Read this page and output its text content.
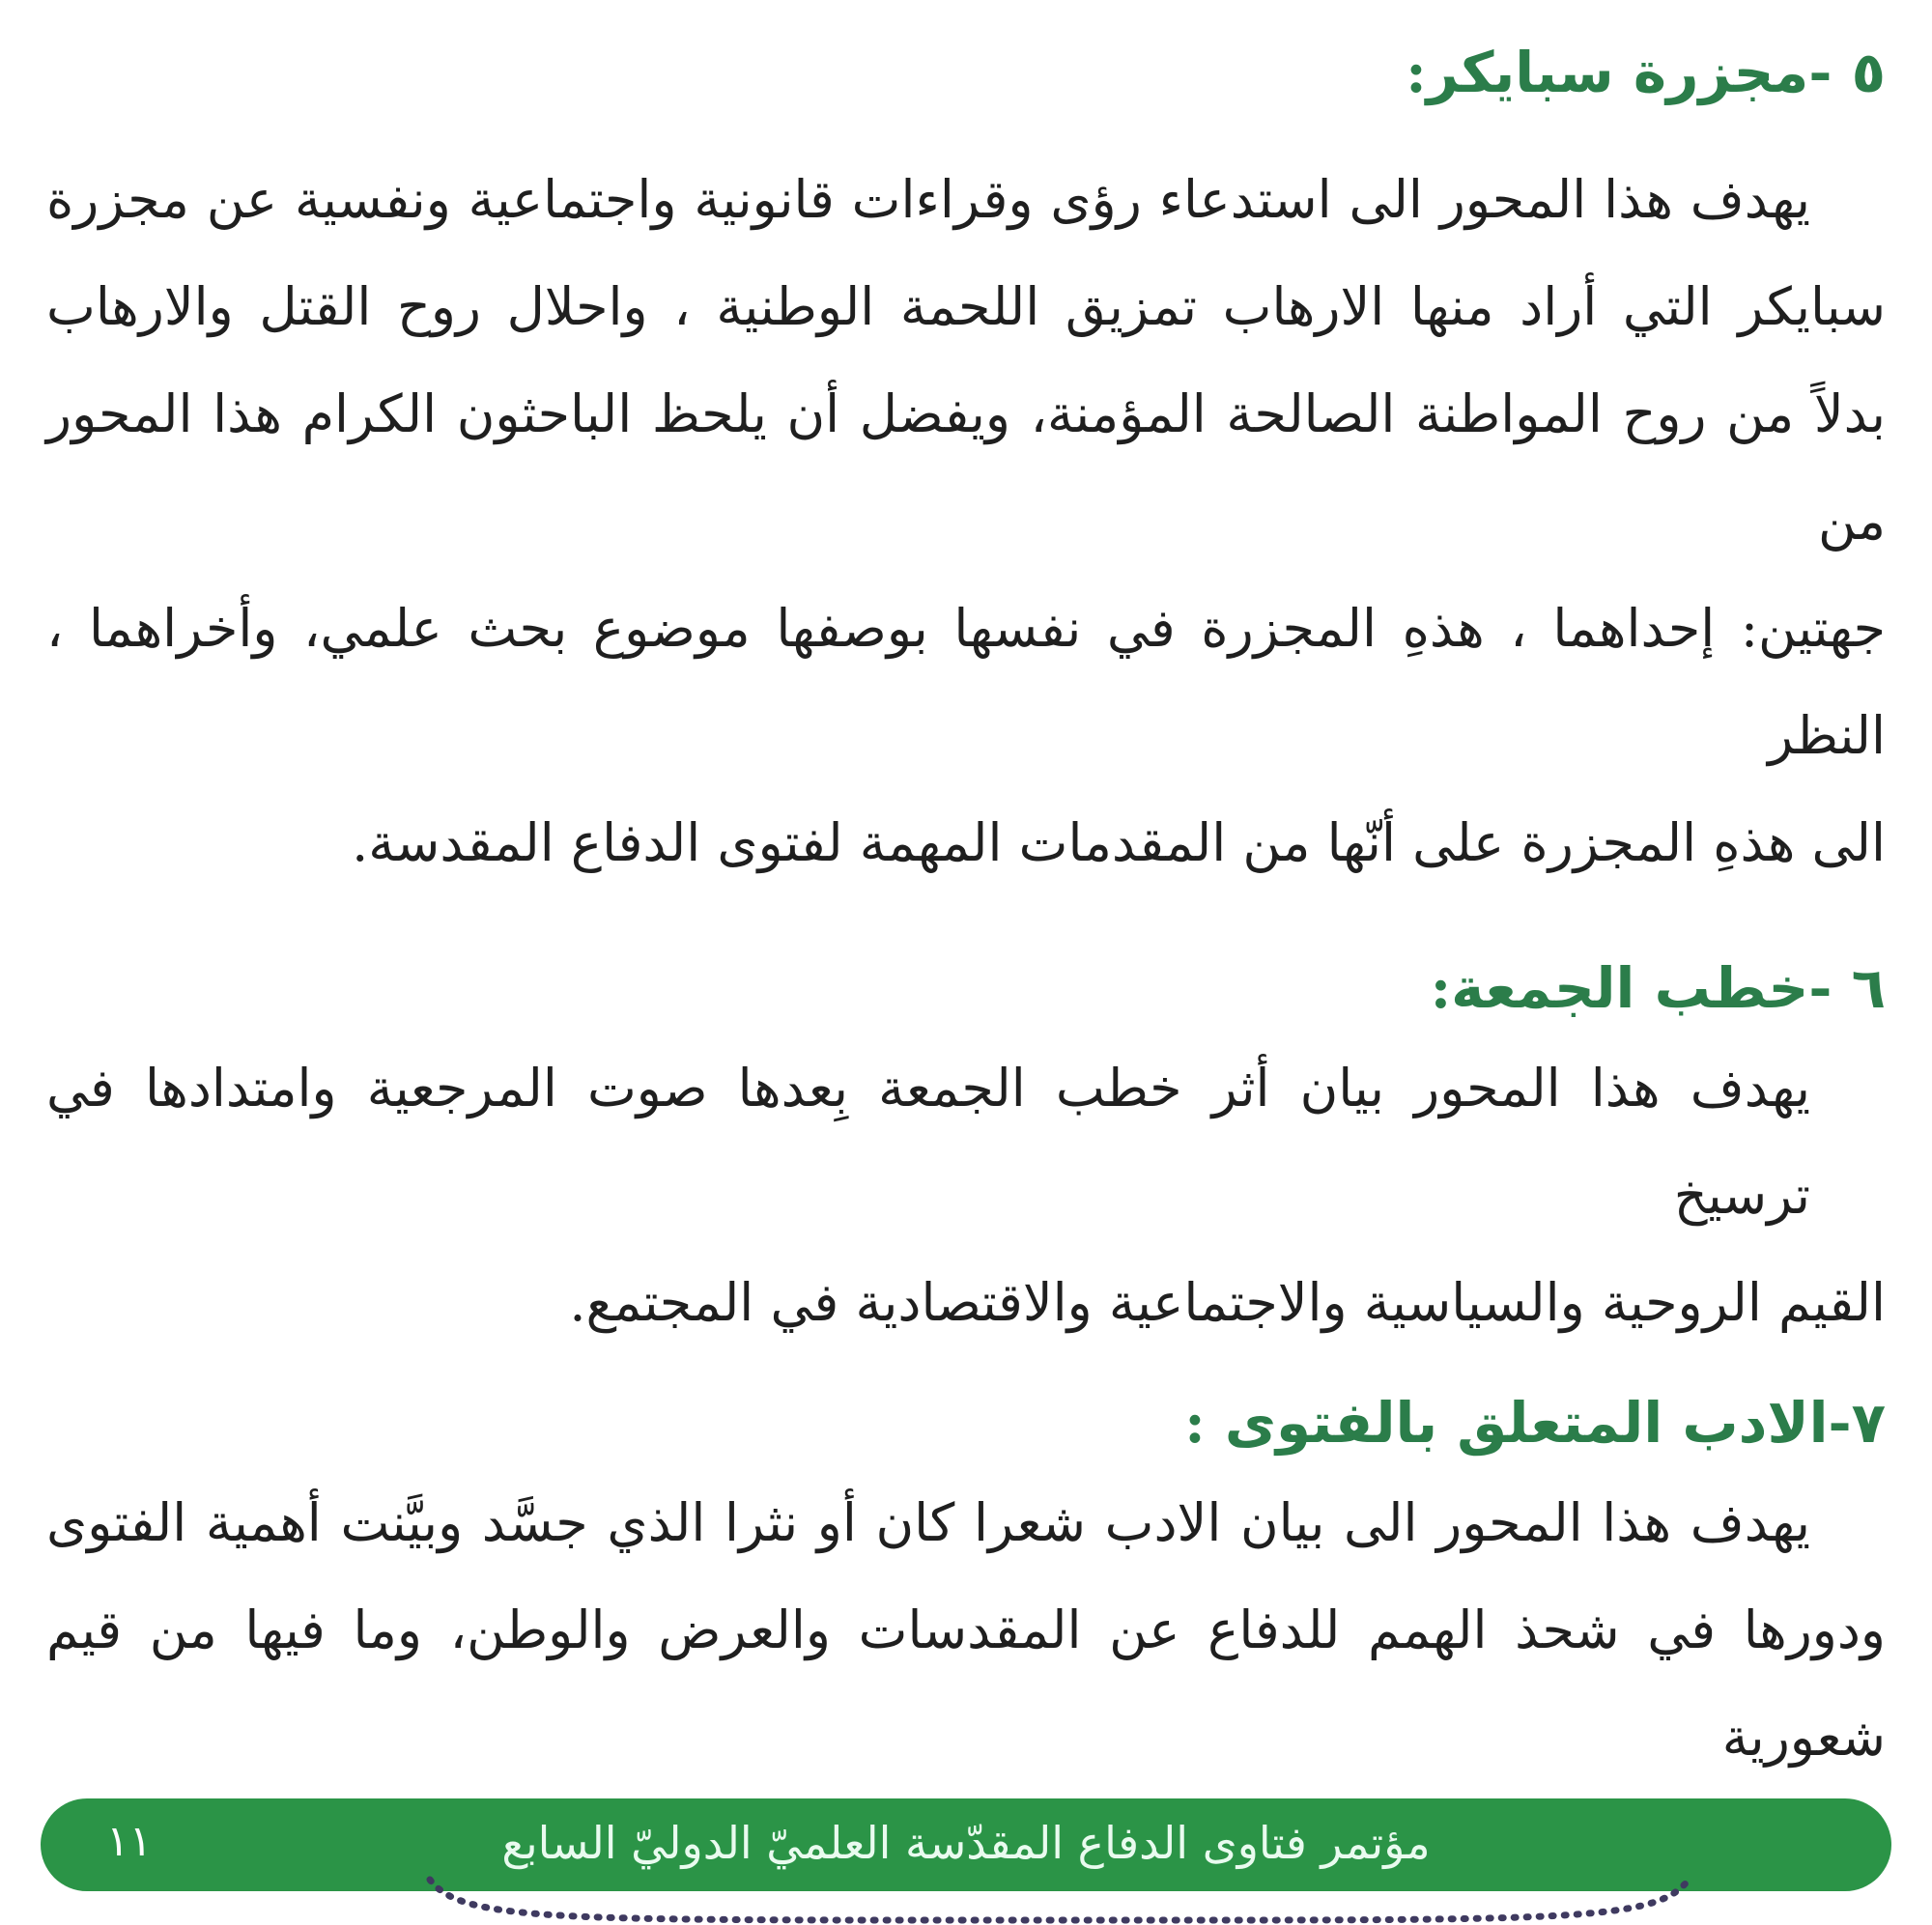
٥ -مجزرة سبايكر:
يهدف هذا المحور الى استدعاء رؤى وقراءات قانونية واجتماعية ونفسية عن مجزرة
سبايكر التي أراد منها الارهاب تمزيق اللحمة الوطنية ، واحلال روح القتل والارهاب
بدلاً من روح المواطنة الصالحة المؤمنة، ويفضل أن يلحظ الباحثون الكرام هذا المحور من
جهتين: إحداهما ، هذهِ المجزرة في نفسها بوصفها موضوع بحث علمي، وأخراهما ، النظر
الى هذهِ المجزرة على أنّها من المقدمات المهمة لفتوى الدفاع المقدسة.
٦ -خطب الجمعة:
يهدف هذا المحور بيان أثر خطب الجمعة بِعدها صوت المرجعية وامتدادها في ترسيخ
القيم الروحية والسياسية والاجتماعية والاقتصادية في المجتمع.
٧-الادب المتعلق بالفتوى :
يهدف هذا المحور الى بيان الادب شعرا كان أو نثرا الذي جسَّد وبيَّنت أهمية الفتوى
ودورها في شحذ الهمم للدفاع عن المقدسات والعرض والوطن، وما فيها من قيم شعورية
مؤتمر فتاوى الدفاع المقدّسة العلميّ الدوليّ السابع
١١
